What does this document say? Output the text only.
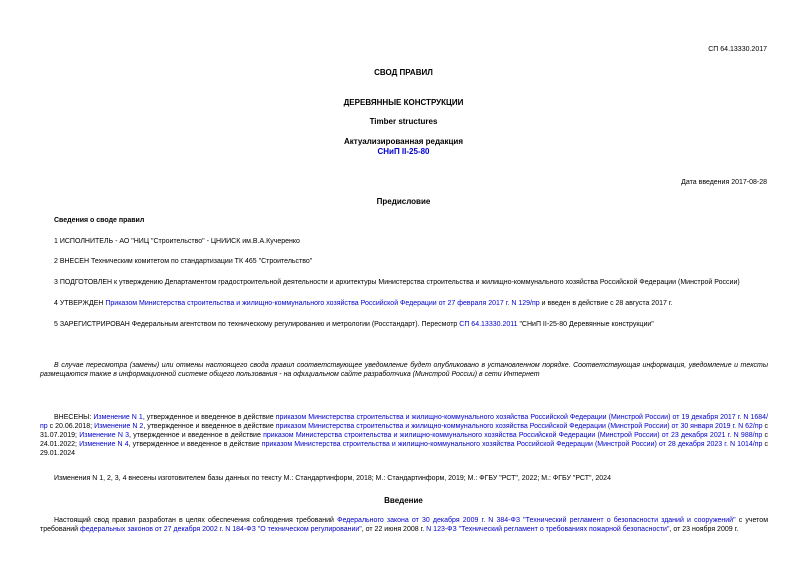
СП 64.13330.2017
СВОД ПРАВИЛ
ДЕРЕВЯННЫЕ КОНСТРУКЦИИ
Timber structures
Актуализированная редакция
СНиП II-25-80
Дата введения 2017-08-28
Предисловие
Сведения о своде правил
1 ИСПОЛНИТЕЛЬ - АО "НИЦ "Строительство" - ЦНИИСК им.В.А.Кучеренко
2 ВНЕСЕН Техническим комитетом по стандартизации ТК 465 "Строительство"
3 ПОДГОТОВЛЕН к утверждению Департаментом градостроительной деятельности и архитектуры Министерства строительства и жилищно-коммунального хозяйства Российской Федерации (Минстрой России)
4 УТВЕРЖДЕН Приказом Министерства строительства и жилищно-коммунального хозяйства Российской Федерации от 27 февраля 2017 г. N 129/пр и введен в действие с 28 августа 2017 г.
5 ЗАРЕГИСТРИРОВАН Федеральным агентством по техническому регулированию и метрологии (Росстандарт). Пересмотр СП 64.13330.2011 "СНиП II-25-80 Деревянные конструкции"
В случае пересмотра (замены) или отмены настоящего свода правил соответствующее уведомление будет опубликовано в установленном порядке. Соответствующая информация, уведомление и тексты размещаются также в информационной системе общего пользования - на официальном сайте разработчика (Минстрой России) в сети Интернет
ВНЕСЕНЫ: Изменение N 1, утвержденное и введенное в действие приказом Министерства строительства и жилищно-коммунального хозяйства Российской Федерации (Минстрой России) от 19 декабря 2017 г. N 1684/пр с 20.06.2018; Изменение N 2, утвержденное и введенное в действие приказом Министерства строительства и жилищно-коммунального хозяйства Российской Федерации (Минстрой России) от 30 января 2019 г. N 62/пр с 31.07.2019; Изменение N 3, утвержденное и введенное в действие приказом Министерства строительства и жилищно-коммунального хозяйства Российской Федерации (Минстрой России) от 23 декабря 2021 г. N 988/пр с 24.01.2022; Изменение N 4, утвержденное и введенное в действие приказом Министерства строительства и жилищно-коммунального хозяйства Российской Федерации (Минстрой России) от 28 декабря 2023 г. N 1014/пр с 29.01.2024
Изменения N 1, 2, 3, 4 внесены изготовителем базы данных по тексту М.: Стандартинформ, 2018; М.: Стандартинформ, 2019; М.: ФГБУ "РСТ", 2022; М.: ФГБУ "РСТ", 2024
Введение
Настоящий свод правил разработан в целях обеспечения соблюдения требований Федерального закона от 30 декабря 2009 г. N 384-ФЗ "Технический регламент о безопасности зданий и сооружений" с учетом требований федеральных законов от 27 декабря 2002 г. N 184-ФЗ "О техническом регулировании", от 22 июня 2008 г. N 123-ФЗ "Технический регламент о требованиях пожарной безопасности", от 23 ноября 2009 г.
